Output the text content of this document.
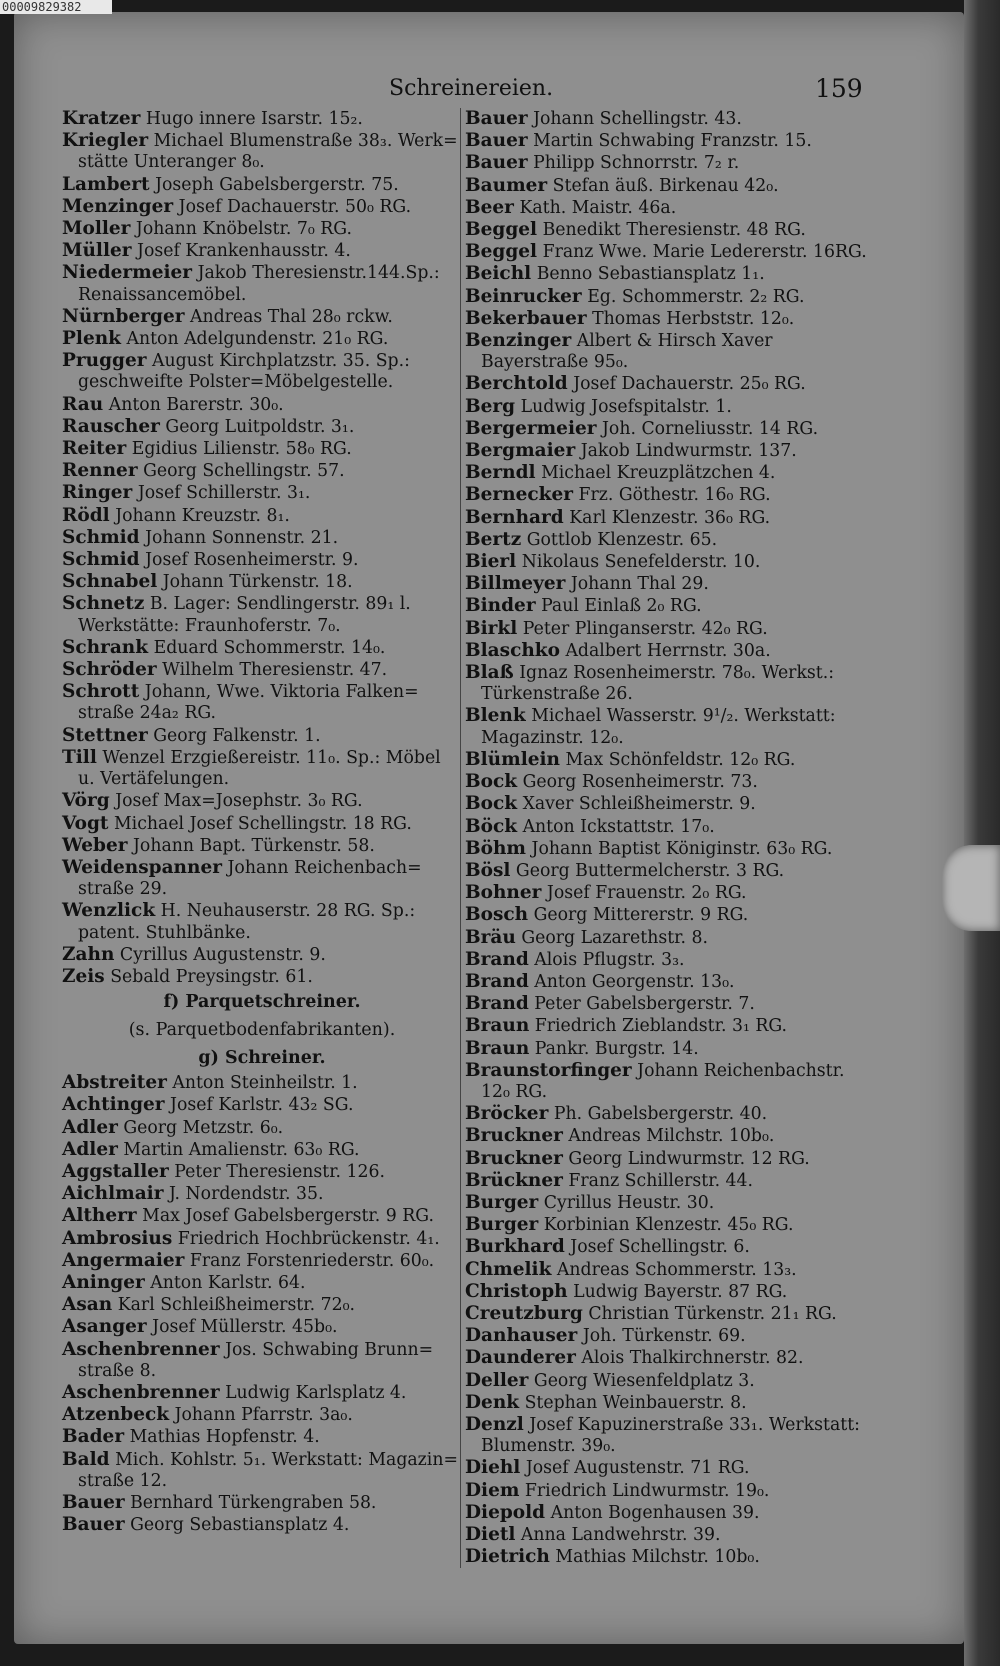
Schreinereien.	159
Kratzer Hugo innere Isarstr. 15₂.
Kriegler Michael Blumenstraße 38₃. Werk=
stätte Unteranger 8₀.
Lambert Joseph Gabelsbergerstr. 75.
Menzinger Josef Dachauerstr. 50₀ RG.
Moller Johann Knöbelstr. 7₀ RG.
Müller Josef Krankenhausstr. 4.
Niedermeier Jakob Theresienstr.144.Sp.:
Renaissancemöbel.
Nürnberger Andreas Thal 28₀ rckw.
Plenk Anton Adelgundenstr. 21₀ RG.
Prugger August Kirchplatzstr. 35. Sp.:
geschweifte Polster=Möbelgestelle.
Rau Anton Barerstr. 30₀.
Rauscher Georg Luitpoldstr. 3₁.
Reiter Egidius Lilienstr. 58₀ RG.
Renner Georg Schellingstr. 57.
Ringer Josef Schillerstr. 3₁.
Rödl Johann Kreuzstr. 8₁.
Schmid Johann Sonnenstr. 21.
Schmid Josef Rosenheimerstr. 9.
Schnabel Johann Türkenstr. 18.
Schnetz B. Lager: Sendlingerstr. 89₁ l.
Werkstätte: Fraunhoferstr. 7₀.
Schrank Eduard Schommerstr. 14₀.
Schröder Wilhelm Theresienstr. 47.
Schrott Johann, Wwe. Viktoria Falken=
straße 24a₂ RG.
Stettner Georg Falkenstr. 1.
Till Wenzel Erzgießereistr. 11₀. Sp.: Möbel
u. Vertäfelungen.
Vörg Josef Max=Josephstr. 3₀ RG.
Vogt Michael Josef Schellingstr. 18 RG.
Weber Johann Bapt. Türkenstr. 58.
Weidenspanner Johann Reichenbach=
straße 29.
Wenzlick H. Neuhauserstr. 28 RG. Sp.:
patent. Stuhlbänke.
Zahn Cyrillus Augustenstr. 9.
Zeis Sebald Preysingstr. 61.
f) Parquetschreiner.
(s. Parquetbodenfabrikanten).
g) Schreiner.
Abstreiter Anton Steinheilstr. 1.
Achtinger Josef Karlstr. 43₂ SG.
Adler Georg Metzstr. 6₀.
Adler Martin Amalienstr. 63₀ RG.
Aggstaller Peter Theresienstr. 126.
Aichlmair J. Nordendstr. 35.
Altherr Max Josef Gabelsbergerstr. 9 RG.
Ambrosius Friedrich Hochbrückenstr. 4₁.
Angermaier Franz Forstenriederstr. 60₀.
Aninger Anton Karlstr. 64.
Asan Karl Schleißheimerstr. 72₀.
Asanger Josef Müllerstr. 45b₀.
Aschenbrenner Jos. Schwabing Brunn=
straße 8.
Aschenbrenner Ludwig Karlsplatz 4.
Atzenbeck Johann Pfarrstr. 3a₀.
Bader Mathias Hopfenstr. 4.
Bald Mich. Kohlstr. 5₁. Werkstatt: Magazin=
straße 12.
Bauer Bernhard Türkengraben 58.
Bauer Georg Sebastiansplatz 4.
Bauer Johann Schellingstr. 43.
Bauer Martin Schwabing Franzstr. 15.
Bauer Philipp Schnorrstr. 7₂ r.
Baumer Stefan äuß. Birkenau 42₀.
Beer Kath. Maistr. 46a.
Beggel Benedikt Theresienstr. 48 RG.
Beggel Franz Wwe. Marie Ledererstr. 16RG.
Beichl Benno Sebastiansplatz 1₁.
Beinrucker Eg. Schommerstr. 2₂ RG.
Bekerbauer Thomas Herbststr. 12₀.
Benzinger Albert & Hirsch Xaver
Bayerstraße 95₀.
Berchtold Josef Dachauerstr. 25₀ RG.
Berg Ludwig Josefspitalstr. 1.
Bergermeier Joh. Corneliusstr. 14 RG.
Bergmaier Jakob Lindwurmstr. 137.
Berndl Michael Kreuzplätzchen 4.
Bernecker Frz. Göthestr. 16₀ RG.
Bernhard Karl Klenzestr. 36₀ RG.
Bertz Gottlob Klenzestr. 65.
Bierl Nikolaus Senefelderstr. 10.
Billmeyer Johann Thal 29.
Binder Paul Einlaß 2₀ RG.
Birkl Peter Plinganserstr. 42₀ RG.
Blaschko Adalbert Herrnstr. 30a.
Blaß Ignaz Rosenheimerstr. 78₀. Werkst.:
Türkenstraße 26.
Blenk Michael Wasserstr. 9¹/₂. Werkstatt:
Magazinstr. 12₀.
Blümlein Max Schönfeldstr. 12₀ RG.
Bock Georg Rosenheimerstr. 73.
Bock Xaver Schleißheimerstr. 9.
Böck Anton Ickstattstr. 17₀.
Böhm Johann Baptist Königinstr. 63₀ RG.
Bösl Georg Buttermelcherstr. 3 RG.
Bohner Josef Frauenstr. 2₀ RG.
Bosch Georg Mittererstr. 9 RG.
Bräu Georg Lazarethstr. 8.
Brand Alois Pflugstr. 3₃.
Brand Anton Georgenstr. 13₀.
Brand Peter Gabelsbergerstr. 7.
Braun Friedrich Zieblandstr. 3₁ RG.
Braun Pankr. Burgstr. 14.
Braunstorfinger Johann Reichenbachstr.
12₀ RG.
Bröcker Ph. Gabelsbergerstr. 40.
Bruckner Andreas Milchstr. 10b₀.
Bruckner Georg Lindwurmstr. 12 RG.
Brückner Franz Schillerstr. 44.
Burger Cyrillus Heustr. 30.
Burger Korbinian Klenzestr. 45₀ RG.
Burkhard Josef Schellingstr. 6.
Chmelik Andreas Schommerstr. 13₃.
Christoph Ludwig Bayerstr. 87 RG.
Creutzburg Christian Türkenstr. 21₁ RG.
Danhauser Joh. Türkenstr. 69.
Daunderer Alois Thalkirchnerstr. 82.
Deller Georg Wiesenfeldplatz 3.
Denk Stephan Weinbauerstr. 8.
Denzl Josef Kapuzinerstraße 33₁. Werkstatt:
Blumenstr. 39₀.
Diehl Josef Augustenstr. 71 RG.
Diem Friedrich Lindwurmstr. 19₀.
Diepold Anton Bogenhausen 39.
Dietl Anna Landwehrstr. 39.
Dietrich Mathias Milchstr. 10b₀.
00009829382
